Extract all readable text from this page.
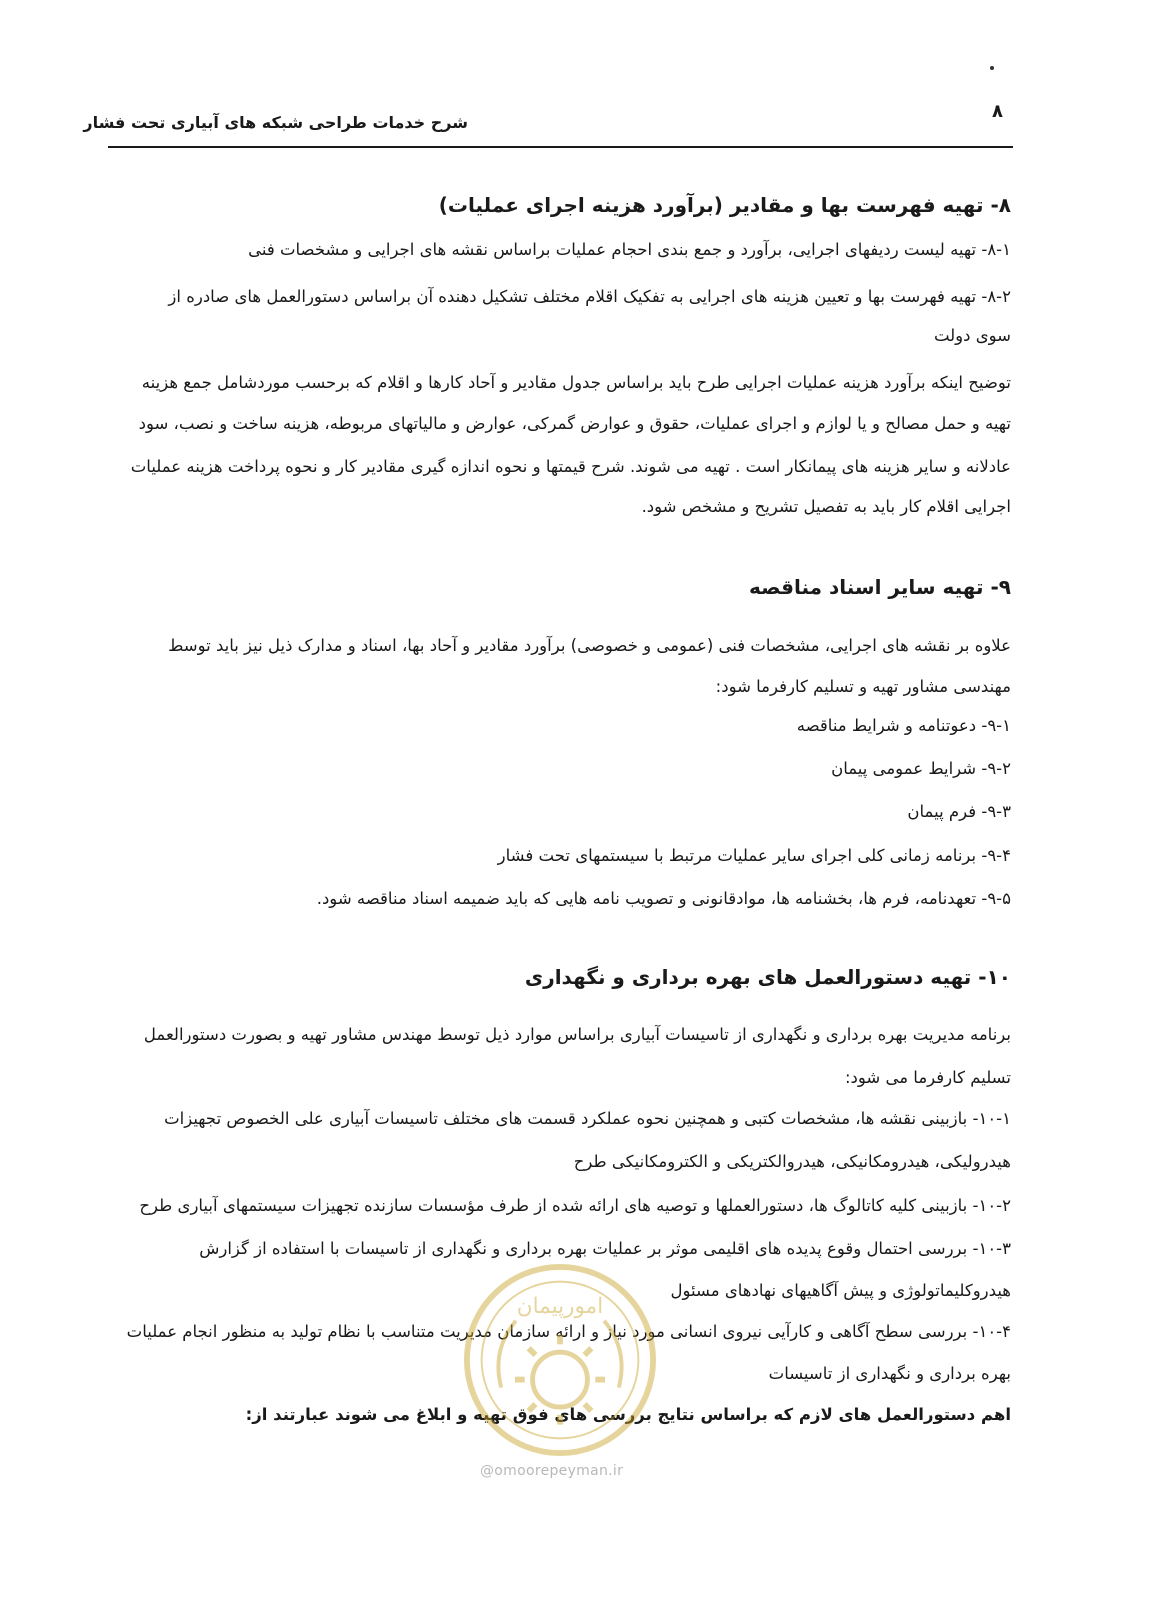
۸
شرح خدمات طراحی شبکه های آبیاری تحت فشار
۸- تهیه فهرست بها و مقادیر (برآورد هزینه اجرای عملیات)
۸-۱- تهیه لیست ردیفهای اجرایی، برآورد و جمع بندی احجام عملیات براساس نقشه های اجرایی و مشخصات فنی
۸-۲- تهیه فهرست بها و تعیین هزینه های اجرایی به تفکیک اقلام مختلف تشکیل دهنده آن براساس دستورالعمل های صادره از
سوی دولت
توضیح اینکه برآورد هزینه عملیات اجرایی طرح باید براساس جدول مقادیر و آحاد کارها و اقلام که برحسب موردشامل جمع هزینه
تهیه و حمل مصالح و یا لوازم و اجرای عملیات، حقوق و عوارض گمرکی، عوارض و مالیاتهای مربوطه، هزینه ساخت و نصب، سود
عادلانه و سایر هزینه های پیمانکار است . تهیه می شوند. شرح قیمتها و نحوه اندازه گیری مقادیر کار و نحوه پرداخت هزینه عملیات
اجرایی اقلام کار باید به تفصیل تشریح و مشخص شود.
۹- تهیه سایر اسناد مناقصه
علاوه بر نقشه های اجرایی، مشخصات فنی (عمومی و خصوصی) برآورد مقادیر و آحاد بها، اسناد و مدارک ذیل نیز باید توسط
مهندسی مشاور تهیه و تسلیم کارفرما شود:
۹-۱- دعوتنامه و شرایط مناقصه
۹-۲- شرایط عمومی پیمان
۹-۳- فرم پیمان
۹-۴- برنامه زمانی کلی اجرای سایر عملیات مرتبط با سیستمهای تحت فشار
۹-۵- تعهدنامه، فرم ها، بخشنامه ها، موادقانونی و تصویب نامه هایی که باید ضمیمه اسناد مناقصه شود.
۱۰- تهیه دستورالعمل های بهره برداری و نگهداری
برنامه مدیریت بهره برداری و نگهداری از تاسیسات آبیاری براساس موارد ذیل توسط مهندس مشاور تهیه و بصورت دستورالعمل
تسلیم کارفرما می شود:
۱۰-۱- بازبینی نقشه ها، مشخصات کتبی و همچنین نحوه عملکرد قسمت های مختلف تاسیسات آبیاری علی الخصوص تجهیزات
هیدرولیکی، هیدرومکانیکی، هیدروالکتریکی و الکترومکانیکی طرح
۱۰-۲- بازبینی کلیه کاتالوگ ها، دستورالعملها و توصیه های ارائه شده از طرف مؤسسات سازنده تجهیزات سیستمهای آبیاری طرح
۱۰-۳- بررسی احتمال وقوع پدیده های اقلیمی موثر بر عملیات بهره برداری و نگهداری از تاسیسات با استفاده از گزارش
هیدروکلیماتولوژی و پیش آگاهیهای نهادهای مسئول
۱۰-۴- بررسی سطح آگاهی و کارآیی نیروی انسانی مورد نیاز و ارائه سازمان مدیریت متناسب با نظام تولید به منظور انجام عملیات
بهره برداری و نگهداری از تاسیسات
اهم دستورالعمل های لازم که براساس نتایج بررسی های فوق تهیه و ابلاغ می شوند عبارتند از:
امورپیمان
@omoorepeyman.ir
